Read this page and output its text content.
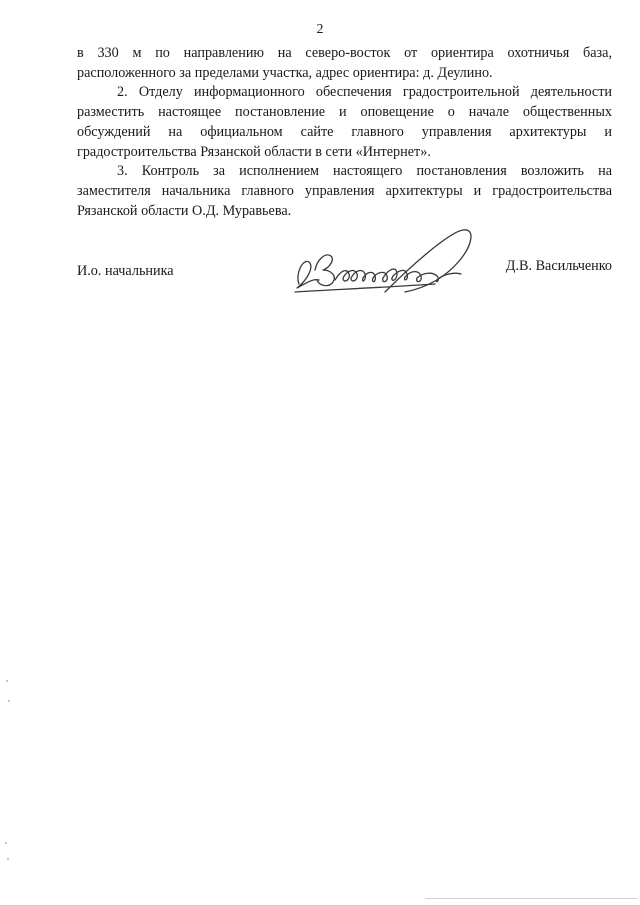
2

в 330 м по направлению на северо-восток от ориентира охотничья база, расположенного за пределами участка, адрес ориентира: д. Деулино.

2. Отделу информационного обеспечения градостроительной деятельности разместить настоящее постановление и оповещение о начале общественных обсуждений на официальном сайте главного управления архитектуры и градостроительства Рязанской области в сети «Интернет».

3. Контроль за исполнением настоящего постановления возложить на заместителя начальника главного управления архитектуры и градостроительства Рязанской области О.Д. Муравьева.

И.о. начальника	Д.В. Васильченко
